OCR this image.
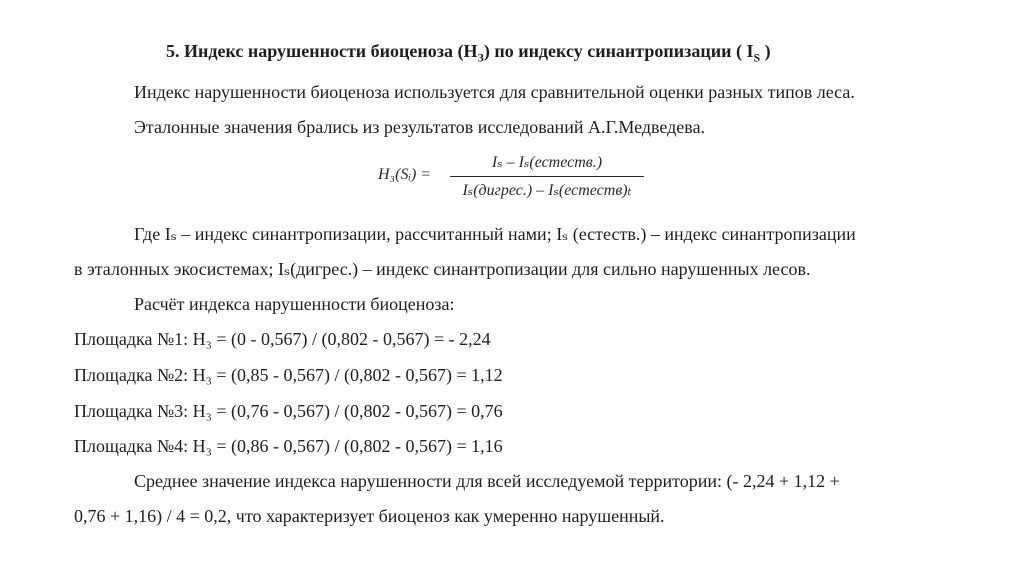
5. Индекс нарушенности биоценоза $(Н_З)$ по индексу синантропизации ( $I_S$ )
Индекс нарушенности биоценоза используется для сравнительной оценки разных типов леса.
Эталонные значения брались из результатов исследований А.Г.Медведева.
H₃(Sᵢ) =
Iₛ – Iₛ(естеств.)
Iₛ(дигрес.) – Iₛ(естеств)ₜ
Где Iₛ – индекс синантропизации, рассчитанный нами; Iₛ (естеств.) – индекс синантропизации
в эталонных экосистемах; Iₛ(дигрес.) – индекс синантропизации для сильно нарушенных лесов.
Расчёт индекса нарушенности биоценоза:
Площадка №1: Н₃ = (0 - 0,567) / (0,802 - 0,567) = - 2,24
Площадка №2: Н₃ = (0,85 - 0,567) / (0,802 - 0,567) = 1,12
Площадка №3: Н₃ = (0,76 - 0,567) / (0,802 - 0,567) = 0,76
Площадка №4: Н₃ = (0,86 - 0,567) / (0,802 - 0,567) = 1,16
Среднее значение индекса нарушенности для всей исследуемой территории: (- 2,24 + 1,12 +
0,76 + 1,16) / 4 = 0,2, что характеризует биоценоз как умеренно нарушенный.
